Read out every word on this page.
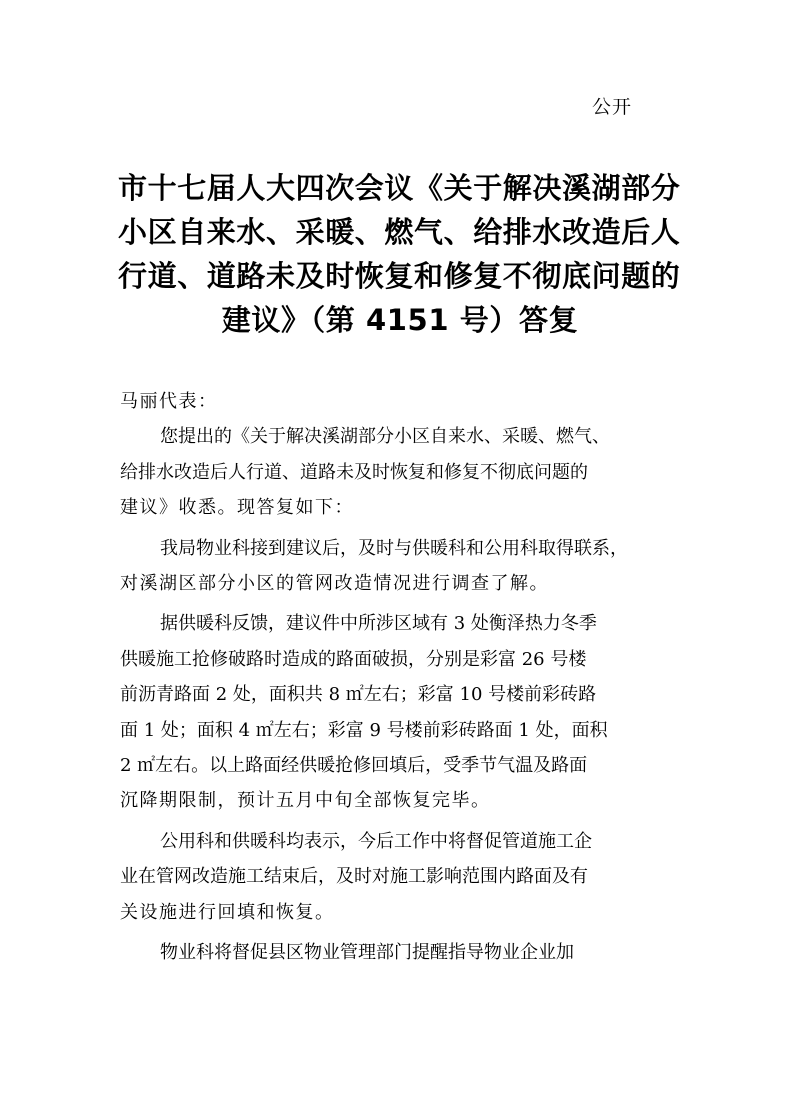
公开
市十七届人大四次会议《关于解决溪湖部分
小区自来水、采暖、燃气、给排水改造后人
行道、道路未及时恢复和修复不彻底问题的
建议》（第 4151 号）答复
马丽代表：
您提出的《关于解决溪湖部分小区自来水、采暖、燃气、
给排水改造后人行道、道路未及时恢复和修复不彻底问题的
建议》收悉。现答复如下：
我局物业科接到建议后，及时与供暖科和公用科取得联系，
对溪湖区部分小区的管网改造情况进行调查了解。
据供暖科反馈，建议件中所涉区域有 3 处衡泽热力冬季
供暖施工抢修破路时造成的路面破损，分别是彩富 26 号楼
前沥青路面 2 处，面积共 8 ㎡左右；彩富 10 号楼前彩砖路
面 1 处；面积 4 ㎡左右；彩富 9 号楼前彩砖路面 1 处，面积
2 ㎡左右。以上路面经供暖抢修回填后，受季节气温及路面
沉降期限制，预计五月中旬全部恢复完毕。
公用科和供暖科均表示，今后工作中将督促管道施工企
业在管网改造施工结束后，及时对施工影响范围内路面及有
关设施进行回填和恢复。
物业科将督促县区物业管理部门提醒指导物业企业加
